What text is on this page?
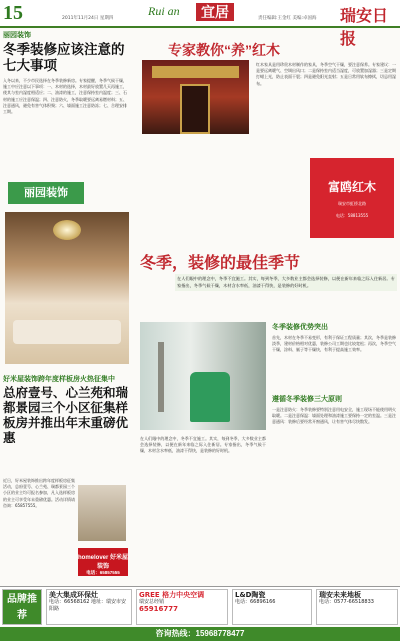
15	2011年11月24日 星期四
Rui an	宜居	责任编辑:王金红 美编:卓国海 瑞安日报
丽园装饰
冬季装修应该注意的七大事项

入冬以来，不少市民选择在冬季装修新房。专家提醒，冬季气候干燥，施工中应注意以下事项：一、木材的选择，木材最好放置几天再施工，使其与室内湿度相适应；二、油漆的施工，注意保持室内温度；三、石材的施工应注意保温；四、注意防火，冬季取暖要远离易燃材料；五、注意通风，避免有害气体积聚；六、墙面施工注意防冻；七、合理安排工期。

丽园装饰
专家教你“养”红木

红木家具是用珍贵木材制作的家具，冬季空气干燥，要注意保养。专家建议：一是要远离暖气、空调出风口；二是保持室内适当湿度，可放置加湿器；三是定期打蜡上光，防止表面干裂；四是避免阳光直射；五是日常用软布擦拭，切忌用湿布。

富鸥红木
瑞安市虹桥北路
电话：58813555
冬季，装修的最佳季节

在人们眼中的理念中，冬季不宜施工。其实，每到冬季，大多数业主都会选择装修，以便在新年来临之际入住新居。专家指出，冬季气候干燥，木材含水率低，油漆干得快，是装修的好时机。

冬季装修优势突出

首先，木材在冬季不易变形，有利于保证工程质量；其次，冬季是装修淡季，建材价格相对优惠，装修公司工期也比较宽松；再次，冬季空气干燥，涂料、腻子等干燥快，有利于提高施工效率。

遵循冬季装修三大原则

一是注意防火：冬季装修要特别注意用电安全，施工现场不能使用明火取暖。二是注意保温：墙面处理和油漆施工要保持一定的室温。三是注意通风：装修后要经常开窗通风，让有害气体尽快散发。

在人们眼中的理念中，冬季不宜施工。其实，每到冬季，大多数业主都会选择装修，以便在新年来临之际入住新居。专家指出，冬季气候干燥，木材含水率低，油漆干得快，是装修的好时机。

好米屋装饰跨年度样板房火热征集中
总府壹号、心兰苑和瑞都景园三个小区征集样板房并推出年末重磅优惠

近日，好米屋装饰推出跨年度样板房征集活动，总府壹号、心兰苑、瑞都景园三个小区的业主均可报名参加，凡入选样板房的业主可享受年末重磅优惠。活动详情请咨询：65857555。

homelover 好米屋装饰
电话：65857555
品牌推荐
美大集成环保灶
电话：66568162 地址：瑞安市安阳路
GREE 格力中央空调
瑞安总经销
65916777
L&D陶瓷
电话：66896166
瑞安未来地板
电话：0577-66518833
咨询热线：15968778477
